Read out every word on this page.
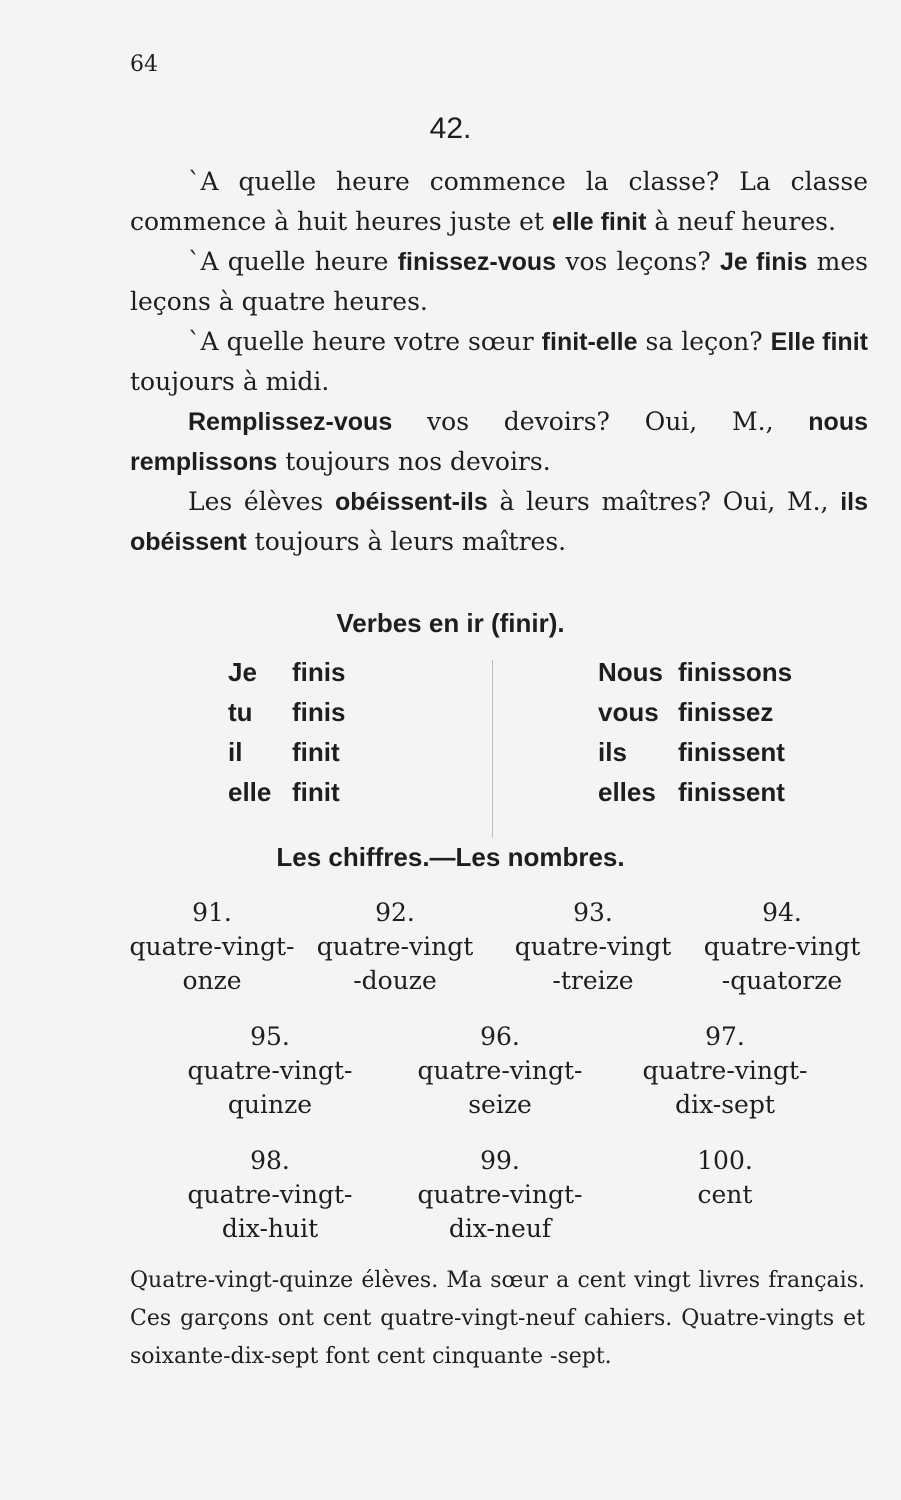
64
42.

`A quelle heure commence la classe? La classe commence à huit heures juste et elle finit à neuf heures.

`A quelle heure finissez-vous vos leçons? Je finis mes leçons à quatre heures.

`A quelle heure votre sœur finit-elle sa leçon? Elle finit toujours à midi.

Remplissez-vous vos devoirs? Oui, M., nous remplissons toujours nos devoirs.

Les élèves obéissent-ils à leurs maîtres? Oui, M., ils obéissent toujours à leurs maîtres.

Verbes en ir (finir).
Je finis
tu finis
il finit
elle finit
Nous finissons
vous finissez
ils finissent
elles finissent
Les chiffres.—Les nombres.
91.
quatre-vingt-
onze
92.
quatre-vingt
-douze
93.
quatre-vingt
-treize
94.
quatre-vingt
-quatorze
95.
quatre-vingt-
quinze
96.
quatre-vingt-
seize
97.
quatre-vingt-
dix-sept
98.
quatre-vingt-
dix-huit
99.
quatre-vingt-
dix-neuf
100.
cent

Quatre-vingt-quinze élèves. Ma sœur a cent vingt livres français. Ces garçons ont cent quatre-vingt-neuf cahiers. Quatre-vingts et soixante-dix-sept font cent cinquante -sept.
